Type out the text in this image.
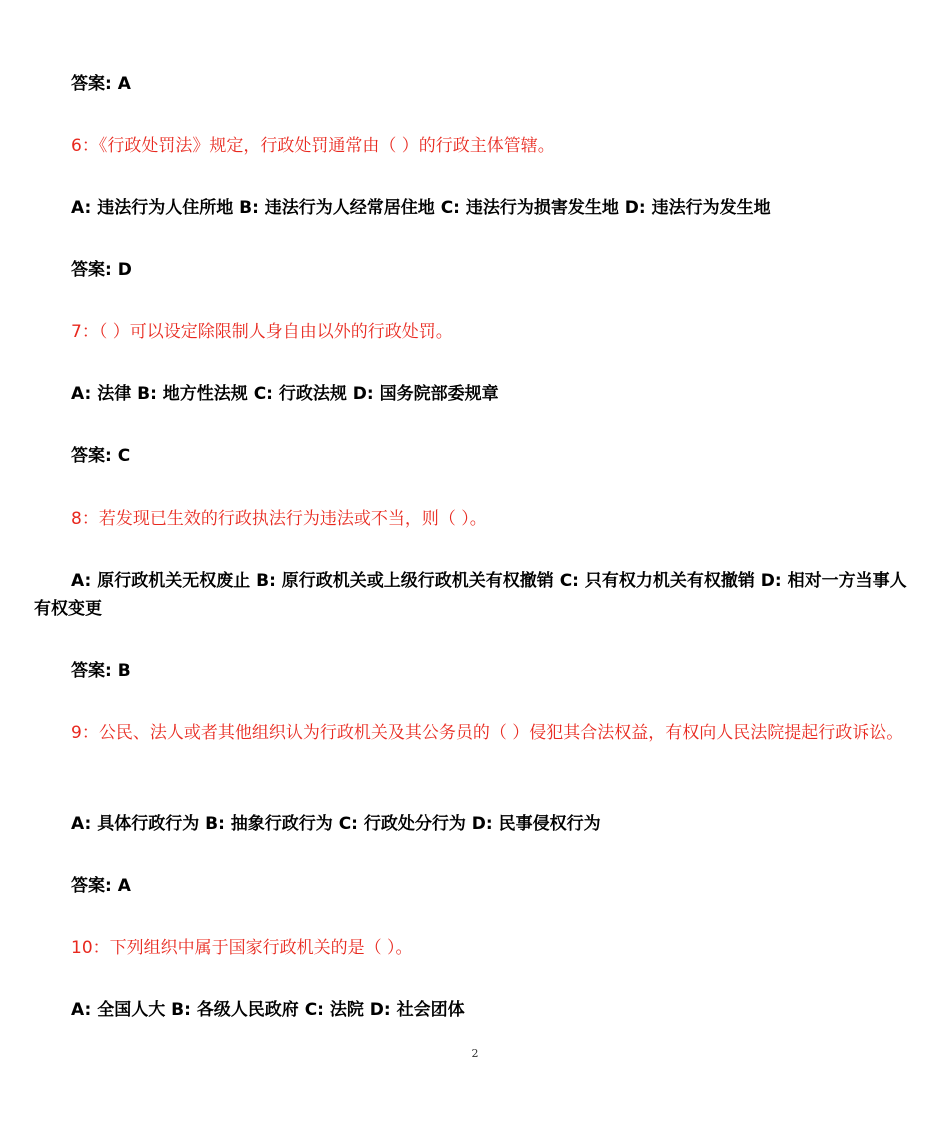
答案: A
6：《行政处罚法》规定，行政处罚通常由（ ）的行政主体管辖。
A: 违法行为人住所地 B: 违法行为人经常居住地 C: 违法行为损害发生地 D: 违法行为发生地
答案: D
7：（ ）可以设定除限制人身自由以外的行政处罚。
A: 法律 B: 地方性法规 C: 行政法规 D: 国务院部委规章
答案: C
8：若发现已生效的行政执法行为违法或不当，则（ ）。
A: 原行政机关无权废止 B: 原行政机关或上级行政机关有权撤销 C: 只有权力机关有权撤销 D: 相对一方当事人有权变更
答案: B
9：公民、法人或者其他组织认为行政机关及其公务员的（ ）侵犯其合法权益，有权向人民法院提起行政诉讼。
A: 具体行政行为 B: 抽象行政行为 C: 行政处分行为 D: 民事侵权行为
答案: A
10：下列组织中属于国家行政机关的是（ ）。
A: 全国人大 B: 各级人民政府 C: 法院 D: 社会团体
2
